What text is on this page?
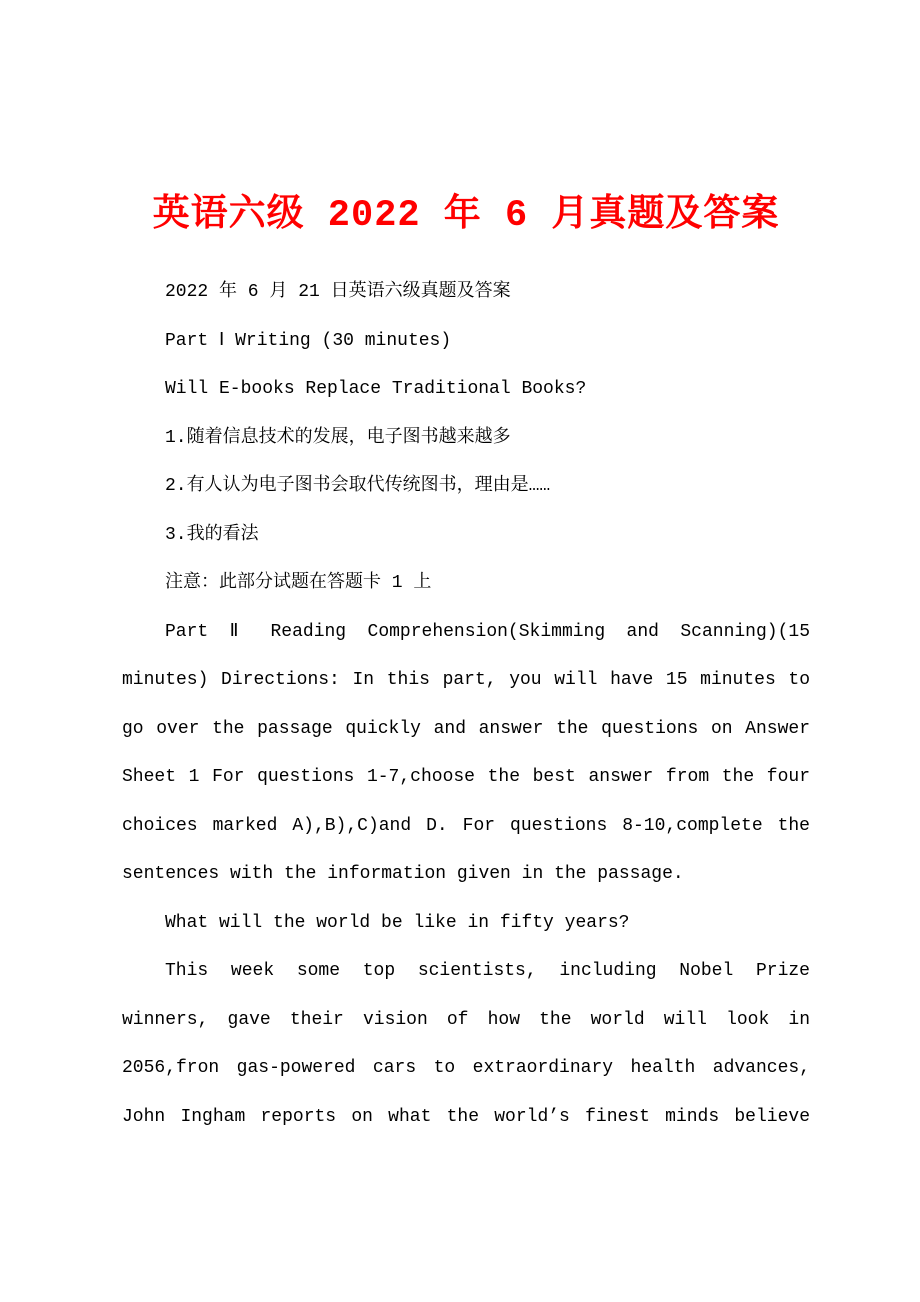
英语六级 2022 年 6 月真题及答案
2022 年 6 月 21 日英语六级真题及答案
Part Ⅰ Writing (30 minutes)
Will E-books Replace Traditional Books?
1.随着信息技术的发展，电子图书越来越多
2.有人认为电子图书会取代传统图书，理由是……
3.我的看法
注意：此部分试题在答题卡 1 上
Part Ⅱ Reading Comprehension(Skimming and Scanning)(15
minutes) Directions: In this part, you will have 15 minutes to
go over the passage quickly and answer the questions on Answer
Sheet 1 For questions 1-7,choose the best answer from the four
choices marked A),B),C)and D. For questions 8-10,complete the
sentences with the information given in the passage.
What will the world be like in fifty years?
This week some top scientists, including Nobel Prize
winners, gave their vision of how the world will look in
2056,fron gas-powered cars to extraordinary health advances,
John Ingham reports on what the world’s finest minds believe
